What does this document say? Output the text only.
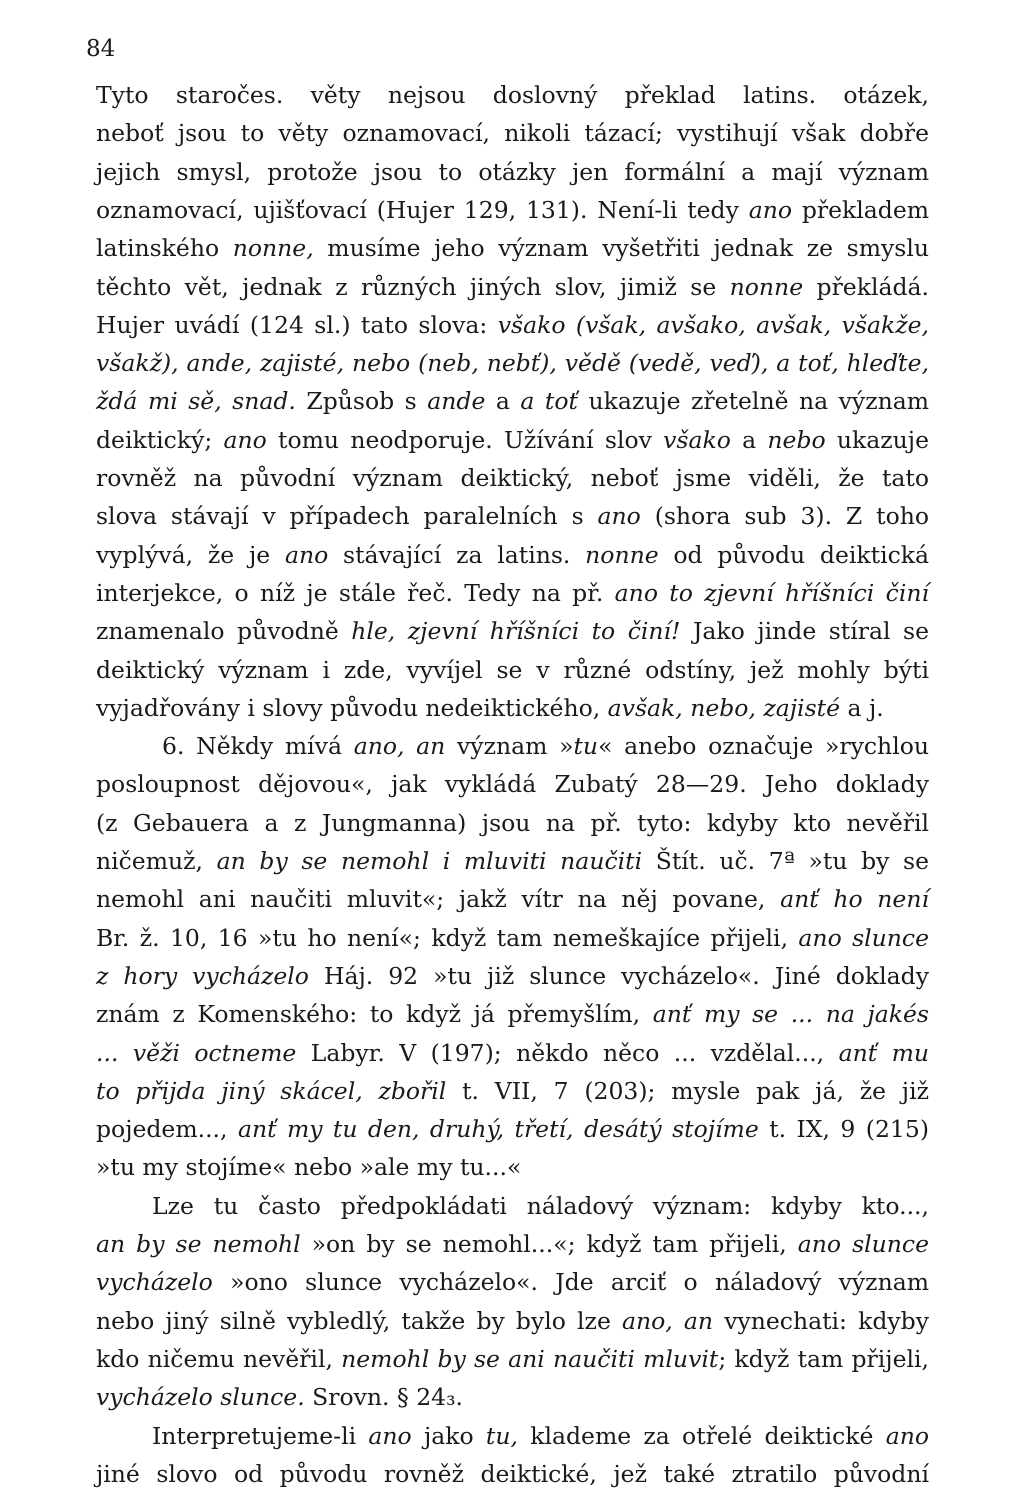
84
Tyto staročes. věty nejsou doslovný překlad latins. otázek,
neboť jsou to věty oznamovací, nikoli tázací; vystihují však dobře
jejich smysl, protože jsou to otázky jen formální a mají význam
oznamovací, ujišťovací (Hujer 129, 131). Není-li tedy ano překladem
latinského nonne, musíme jeho význam vyšetřiti jednak ze smyslu
těchto vět, jednak z různých jiných slov, jimiž se nonne překládá.
Hujer uvádí (124 sl.) tato slova: všako (však, avšako, avšak, všakže,
všakž), ande, zajisté, nebo (neb, nebť), vědě (vedě, veď), a toť, hleďte,
ždá mi sě, snad. Způsob s ande a a toť ukazuje zřetelně na význam
deiktický; ano tomu neodporuje. Užívání slov všako a nebo ukazuje
rovněž na původní význam deiktický, neboť jsme viděli, že tato
slova stávají v případech paralelních s ano (shora sub 3). Z toho
vyplývá, že je ano stávající za latins. nonne od původu deiktická
interjekce, o níž je stále řeč. Tedy na př. ano to zjevní hříšníci činí
znamenalo původně hle, zjevní hříšníci to činí! Jako jinde stíral se
deiktický význam i zde, vyvíjel se v různé odstíny, jež mohly býti
vyjadřovány i slovy původu nedeiktického, avšak, nebo, zajisté a j.
6. Někdy mívá ano, an význam »tu« anebo označuje »rychlou
posloupnost dějovou«, jak vykládá Zubatý 28—29. Jeho doklady
(z Gebauera a z Jungmanna) jsou na př. tyto: kdyby kto nevěřil
ničemuž, an by se nemohl i mluviti naučiti Štít. uč. 7ª »tu by se
nemohl ani naučiti mluvit«; jakž vítr na něj povane, anť ho není
Br. ž. 10, 16 »tu ho není«; když tam nemeškajíce přijeli, ano slunce
z hory vycházelo Háj. 92 »tu již slunce vycházelo«. Jiné doklady
znám z Komenského: to když já přemyšlím, anť my se ... na jakés
... věži octneme Labyr. V (197); někdo něco ... vzdělal..., anť mu
to přijda jiný skácel, zbořil t. VII, 7 (203); mysle pak já, že již
pojedem..., anť my tu den, druhý, třetí, desátý stojíme t. IX, 9 (215)
»tu my stojíme« nebo »ale my tu...«
Lze tu často předpokládati náladový význam: kdyby kto...,
an by se nemohl »on by se nemohl...«; když tam přijeli, ano slunce
vycházelo »ono slunce vycházelo«. Jde arciť o náladový význam
nebo jiný silně vybledlý, takže by bylo lze ano, an vynechati: kdyby
kdo ničemu nevěřil, nemohl by se ani naučiti mluvit; když tam přijeli,
vycházelo slunce. Srovn. § 24₃.
Interpretujeme-li ano jako tu, klademe za otřelé deiktické ano
jiné slovo od původu rovněž deiktické, jež také ztratilo původní
